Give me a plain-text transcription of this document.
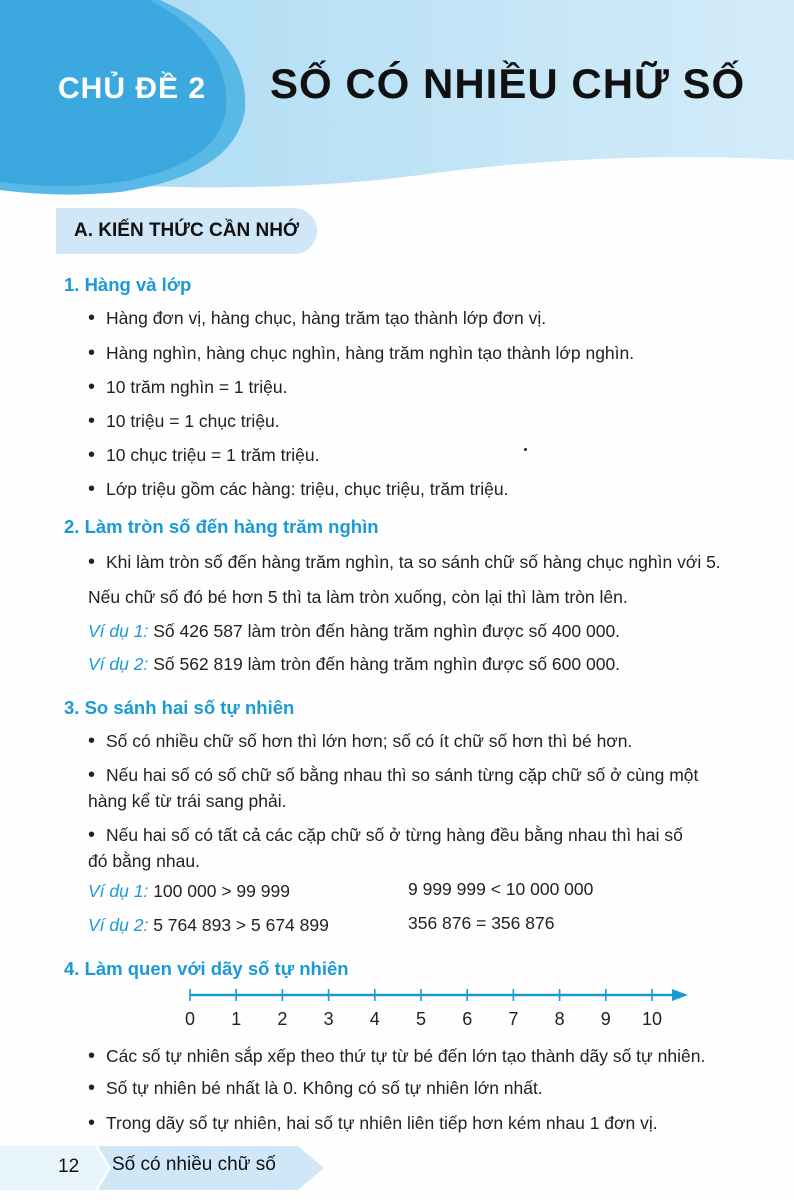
CHỦ ĐỀ 2	SỐ CÓ NHIỀU CHỮ SỐ
A. KIẾN THỨC CẦN NHỚ
1. Hàng và lớp
• Hàng đơn vị, hàng chục, hàng trăm tạo thành lớp đơn vị.
• Hàng nghìn, hàng chục nghìn, hàng trăm nghìn tạo thành lớp nghìn.
• 10 trăm nghìn = 1 triệu.
• 10 triệu = 1 chục triệu.
• 10 chục triệu = 1 trăm triệu.
• Lớp triệu gồm các hàng: triệu, chục triệu, trăm triệu.
2. Làm tròn số đến hàng trăm nghìn
• Khi làm tròn số đến hàng trăm nghìn, ta so sánh chữ số hàng chục nghìn với 5.
Nếu chữ số đó bé hơn 5 thì ta làm tròn xuống, còn lại thì làm tròn lên.
Ví dụ 1: Số 426 587 làm tròn đến hàng trăm nghìn được số 400 000.
Ví dụ 2: Số 562 819 làm tròn đến hàng trăm nghìn được số 600 000.
3. So sánh hai số tự nhiên
• Số có nhiều chữ số hơn thì lớn hơn; số có ít chữ số hơn thì bé hơn.
• Nếu hai số có số chữ số bằng nhau thì so sánh từng cặp chữ số ở cùng một
hàng kể từ trái sang phải.
• Nếu hai số có tất cả các cặp chữ số ở từng hàng đều bằng nhau thì hai số
đó bằng nhau.
Ví dụ 1: 100 000 > 99 999	9 999 999 < 10 000 000
Ví dụ 2: 5 764 893 > 5 674 899	356 876 = 356 876
4. Làm quen với dãy số tự nhiên
0 1 2 3 4 5 6 7 8 9 10
• Các số tự nhiên sắp xếp theo thứ tự từ bé đến lớn tạo thành dãy số tự nhiên.
• Số tự nhiên bé nhất là 0. Không có số tự nhiên lớn nhất.
• Trong dãy số tự nhiên, hai số tự nhiên liên tiếp hơn kém nhau 1 đơn vị.
12 Số có nhiều chữ số
